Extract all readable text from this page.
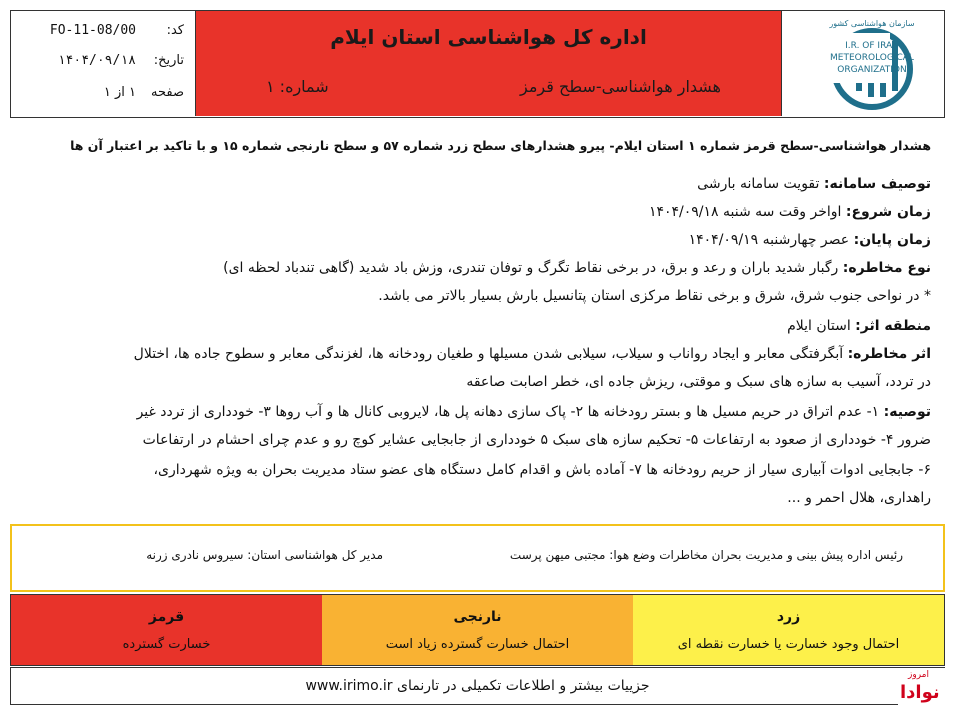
کد:
FO-11-08/00
تاریخ:
۱۴۰۴/۰۹/۱۸
صفحه
۱ از ۱
اداره کل هواشناسی استان ایلام
هشدار هواشناسی-سطح قرمز
شماره: ۱
سازمان هواشناسی کشور
I.R. OF IRAN
METEOROLOGICAL
ORGANIZATION
هشدار هواشناسی-سطح قرمز شماره ۱ استان ایلام- پیرو هشدارهای سطح زرد شماره ۵۷ و سطح نارنجی شماره ۱۵ و با تاکید بر اعتبار آن ها
توصیف سامانه: تقویت سامانه بارشی
زمان شروع: اواخر وقت سه شنبه ۱۴۰۴/۰۹/۱۸
زمان پایان: عصر چهارشنبه ۱۴۰۴/۰۹/۱۹
نوع مخاطره: رگبار شدید باران و رعد و برق، در برخی نقاط تگرگ و توفان تندری، وزش باد شدید (گاهی تندباد لحظه ای)
* در نواحی جنوب شرق، شرق و برخی نقاط مرکزی استان پتانسیل بارش بسیار بالاتر می باشد.
منطقه اثر: استان ایلام
اثر مخاطره: آبگرفتگی معابر و ایجاد رواناب و سیلاب، سیلابی شدن مسیلها و طغیان رودخانه ها، لغزندگی معابر و سطوح جاده ها، اختلال
در تردد، آسیب به سازه های سبک و موقتی، ریزش جاده ای، خطر اصابت صاعقه
توصیه: ۱- عدم اتراق در حریم مسیل ها و بستر رودخانه ها ۲- پاک سازی دهانه پل ها، لایروبی کانال ها و آب روها ۳- خودداری از تردد غیر
ضرور ۴- خودداری از صعود به ارتفاعات ۵- تحکیم سازه های سبک ۵ خودداری از جابجایی عشایر کوچ رو و عدم چرای احشام در ارتفاعات
۶- جابجایی ادوات آبیاری سیار از حریم رودخانه ها ۷- آماده باش و اقدام کامل دستگاه های عضو ستاد مدیریت بحران به ویژه شهرداری،
راهداری، هلال احمر و ...
رئیس اداره پیش بینی و مدیریت بحران مخاطرات وضع هوا: مجتبی میهن پرست
مدیر کل هواشناسی استان: سیروس نادری زرنه
زرد
احتمال وجود خسارت یا خسارت نقطه ای
نارنجی
احتمال خسارت گسترده زیاد است
قرمز
خسارت گسترده
جزییات بیشتر و اطلاعات تکمیلی در تارنمای www.irimo.ir
امروز
نوادا
